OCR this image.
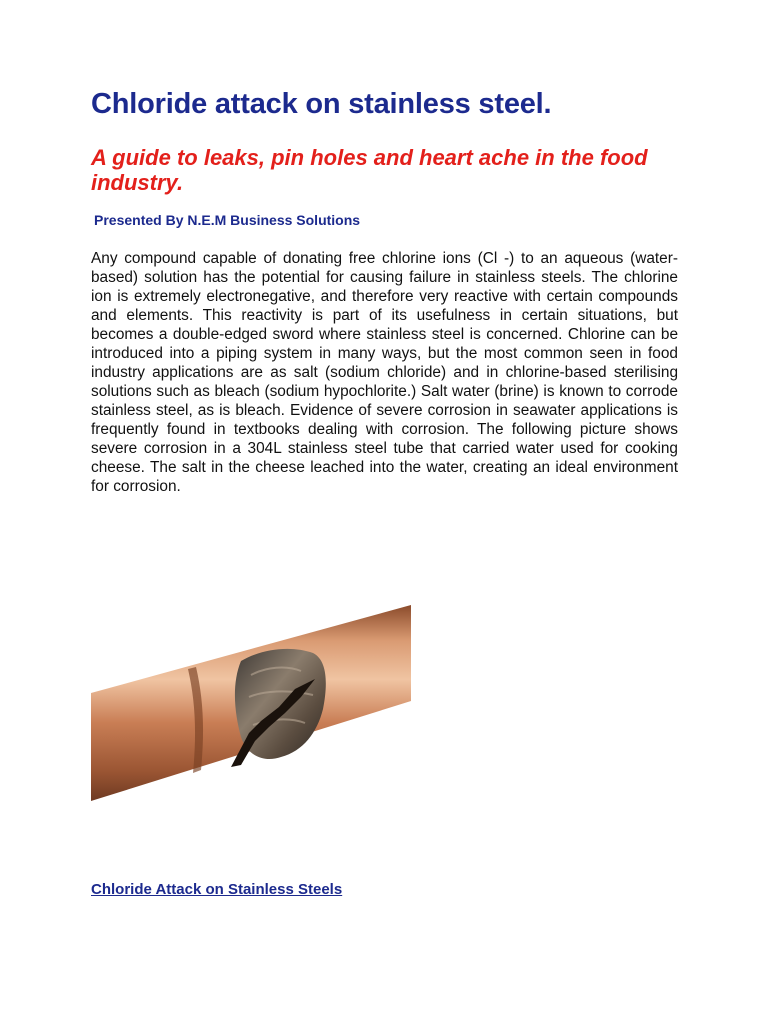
Chloride attack on stainless steel.
A guide to leaks, pin holes and heart ache in the food industry.

Presented By N.E.M Business Solutions

Any compound capable of donating free chlorine ions (Cl -) to an aqueous (water-based) solution has the potential for causing failure in stainless steels. The chlorine ion is extremely electronegative, and therefore very reactive with certain compounds and elements. This reactivity is part of its usefulness in certain situations, but becomes a double-edged sword where stainless steel is concerned. Chlorine can be introduced into a piping system in many ways, but the most common seen in food industry applications are as salt (sodium chloride) and in chlorine-based sterilising solutions such as bleach (sodium hypochlorite.) Salt water (brine) is known to corrode stainless steel, as is bleach. Evidence of severe corrosion in seawater applications is frequently found in textbooks dealing with corrosion. The following picture shows severe corrosion in a 304L stainless steel tube that carried water used for cooking cheese. The salt in the cheese leached into the water, creating an ideal environment for corrosion.

Chloride Attack on Stainless Steels
